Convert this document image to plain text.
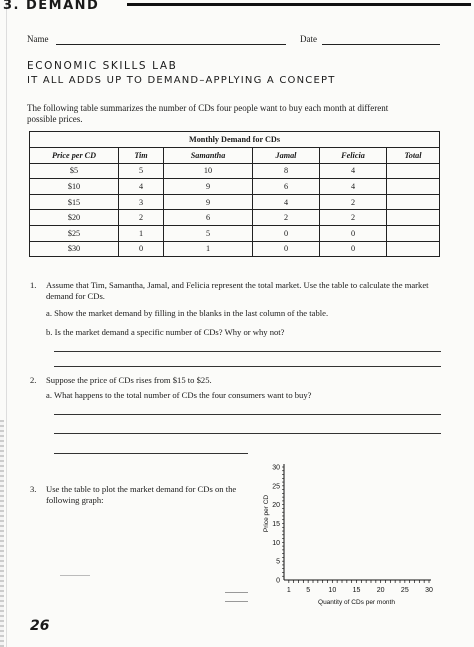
3. DEMAND
Name	Date
ECONOMIC SKILLS LAB
IT ALL ADDS UP TO DEMAND–APPLYING A CONCEPT
The following table summarizes the number of CDs four people want to buy each month at different possible prices.
Monthly Demand for CDs					
Price per CD	Tim	Samantha	Jamal	Felicia	Total
$5	5	10	8	4	
$10	4	9	6	4	
$15	3	9	4	2	
$20	2	6	2	2	
$25	1	5	0	0	
$30	0	1	0	0	
1. Assume that Tim, Samantha, Jamal, and Felicia represent the total market. Use the table to calculate the market demand for CDs.
a. Show the market demand by filling in the blanks in the last column of the table.
b. Is the market demand a specific number of CDs? Why or why not?
2. Suppose the price of CDs rises from $15 to $25.
a. What happens to the total number of CDs the four consumers want to buy?
3. Use the table to plot the market demand for CDs on the following graph:
1 5	10 15 20 25 30
0
5
10
15
20
25
30
Quantity of CDs per month
Price per CD
26
